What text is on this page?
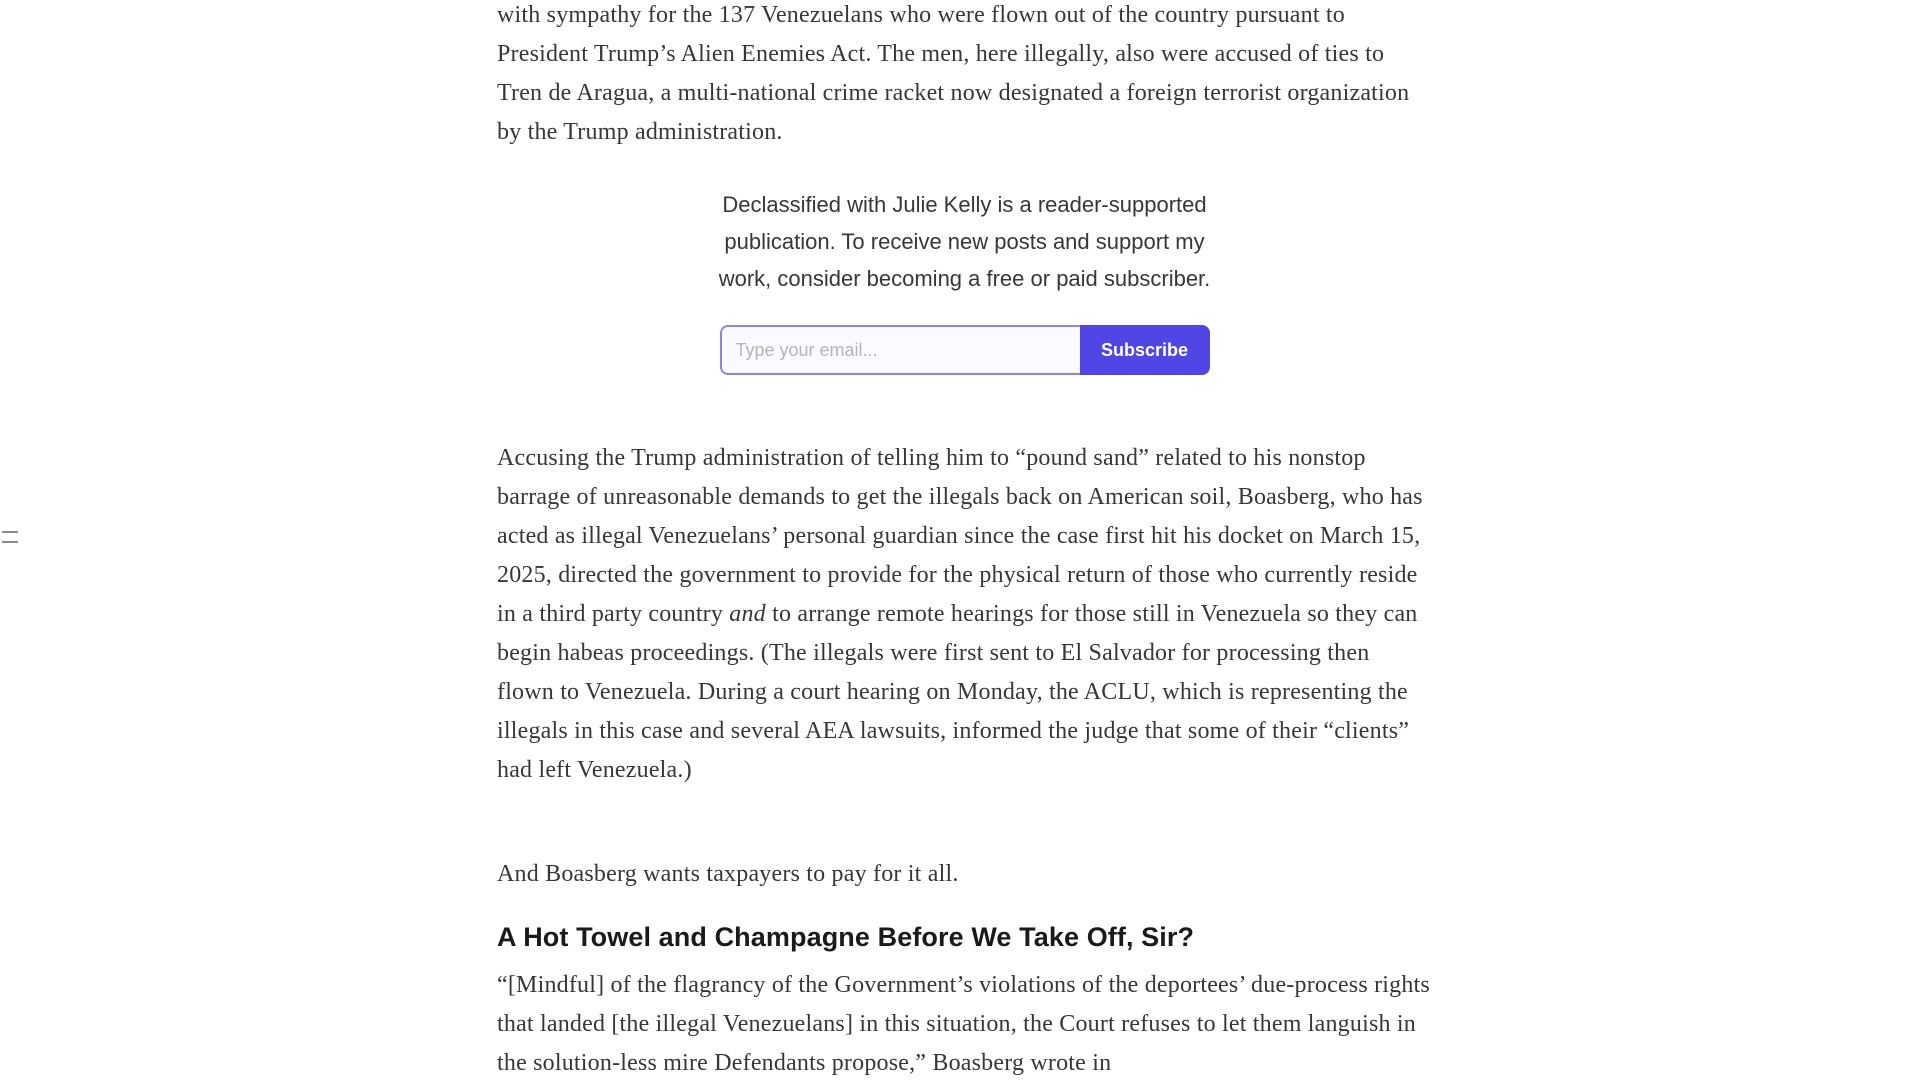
with sympathy for the 137 Venezuelans who were flown out of the country pursuant to President Trump’s Alien Enemies Act. The men, here illegally, also were accused of ties to Tren de Aragua, a multi-national crime racket now designated a foreign terrorist organization by the Trump administration.

Declassified with Julie Kelly is a reader-supported publication. To receive new posts and support my work, consider becoming a free or paid subscriber.
Type your email...
Subscribe

Accusing the Trump administration of telling him to “pound sand” related to his nonstop barrage of unreasonable demands to get the illegals back on American soil, Boasberg, who has acted as illegal Venezuelans’ personal guardian since the case first hit his docket on March 15, 2025, directed the government to provide for the physical return of those who currently reside in a third party country and to arrange remote hearings for those still in Venezuela so they can begin habeas proceedings. (The illegals were first sent to El Salvador for processing then flown to Venezuela. During a court hearing on Monday, the ACLU, which is representing the illegals in this case and several AEA lawsuits, informed the judge that some of their “clients” had left Venezuela.)

And Boasberg wants taxpayers to pay for it all.

A Hot Towel and Champagne Before We Take Off, Sir?

“[Mindful] of the flagrancy of the Government’s violations of the deportees’ due-process rights that landed [the illegal Venezuelans] in this situation, the Court refuses to let them languish in the solution-less mire Defendants propose,” Boasberg wrote in
